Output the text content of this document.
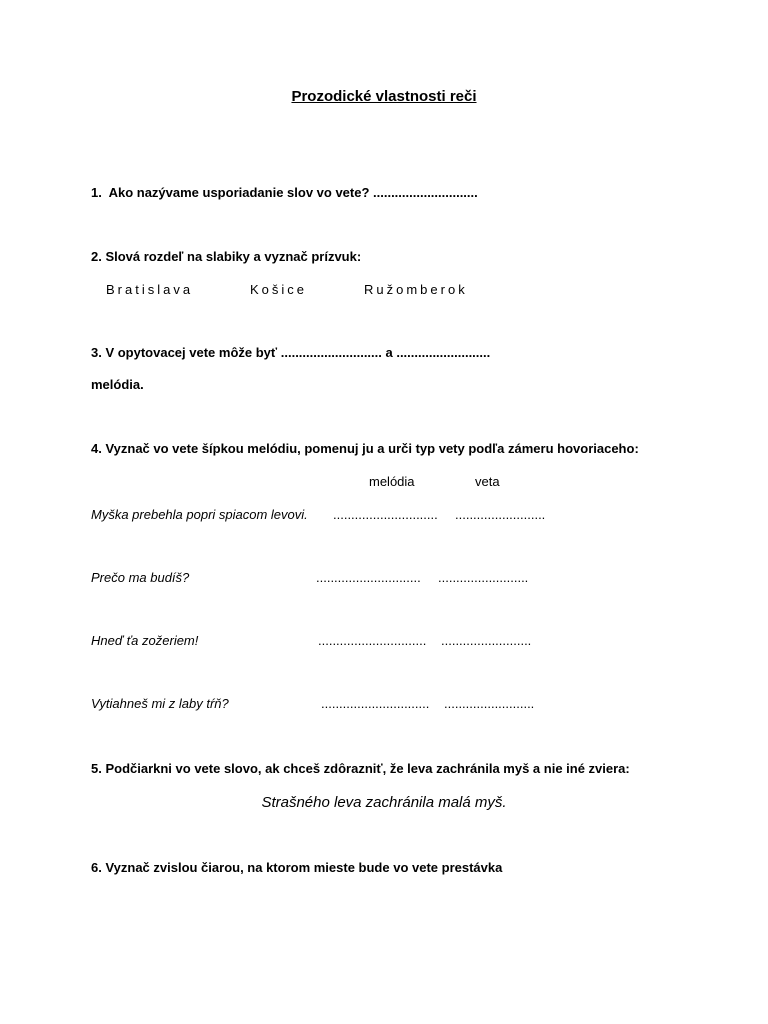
Prozodické vlastnosti reči
1.  Ako nazývame usporiadanie slov vo vete? .............................
2. Slová rozdeľ na slabiky a vyznač prízvuk:
Bratislava	Košice	Ružomberok
3. V opytovacej vete môže byť ............................ a ..........................
melódia.
4. Vyznač vo vete šípkou melódiu, pomenuj ju a urči typ vety podľa zámeru hovoriaceho:
melódia	veta
Myška prebehla popri spiacom levovi. ............................. .........................
Prečo ma budíš?	............................. .........................
Hneď ťa zožeriem!	.............................. .........................
Vytiahneš mi z laby tŕň?	.............................. .........................
5. Podčiarkni vo vete slovo, ak chceš zdôrazniť, že leva zachránila myš a nie iné zviera:
Strašného leva zachránila malá myš.
6. Vyznač zvislou čiarou, na ktorom mieste bude vo vete prestávka
